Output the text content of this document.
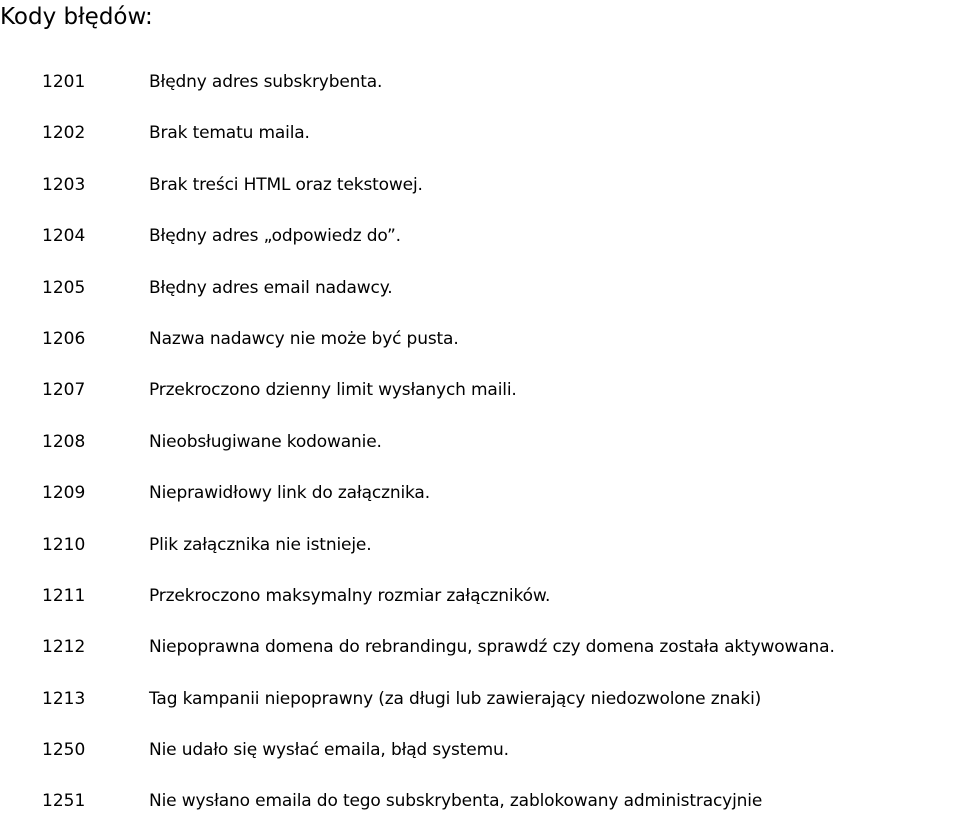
Kody błędów:
1201	Błędny adres subskrybenta.
1202	Brak tematu maila.
1203	Brak treści HTML oraz tekstowej.
1204	Błędny adres „odpowiedz do”.
1205	Błędny adres email nadawcy.
1206	Nazwa nadawcy nie może być pusta.
1207	Przekroczono dzienny limit wysłanych maili.
1208	Nieobsługiwane kodowanie.
1209	Nieprawidłowy link do załącznika.
1210	Plik załącznika nie istnieje.
1211	Przekroczono maksymalny rozmiar załączników.
1212	Niepoprawna domena do rebrandingu, sprawdź czy domena została aktywowana.
1213	Tag kampanii niepoprawny (za długi lub zawierający niedozwolone znaki)
1250	Nie udało się wysłać emaila, błąd systemu.
1251	Nie wysłano emaila do tego subskrybenta, zablokowany administracyjnie
